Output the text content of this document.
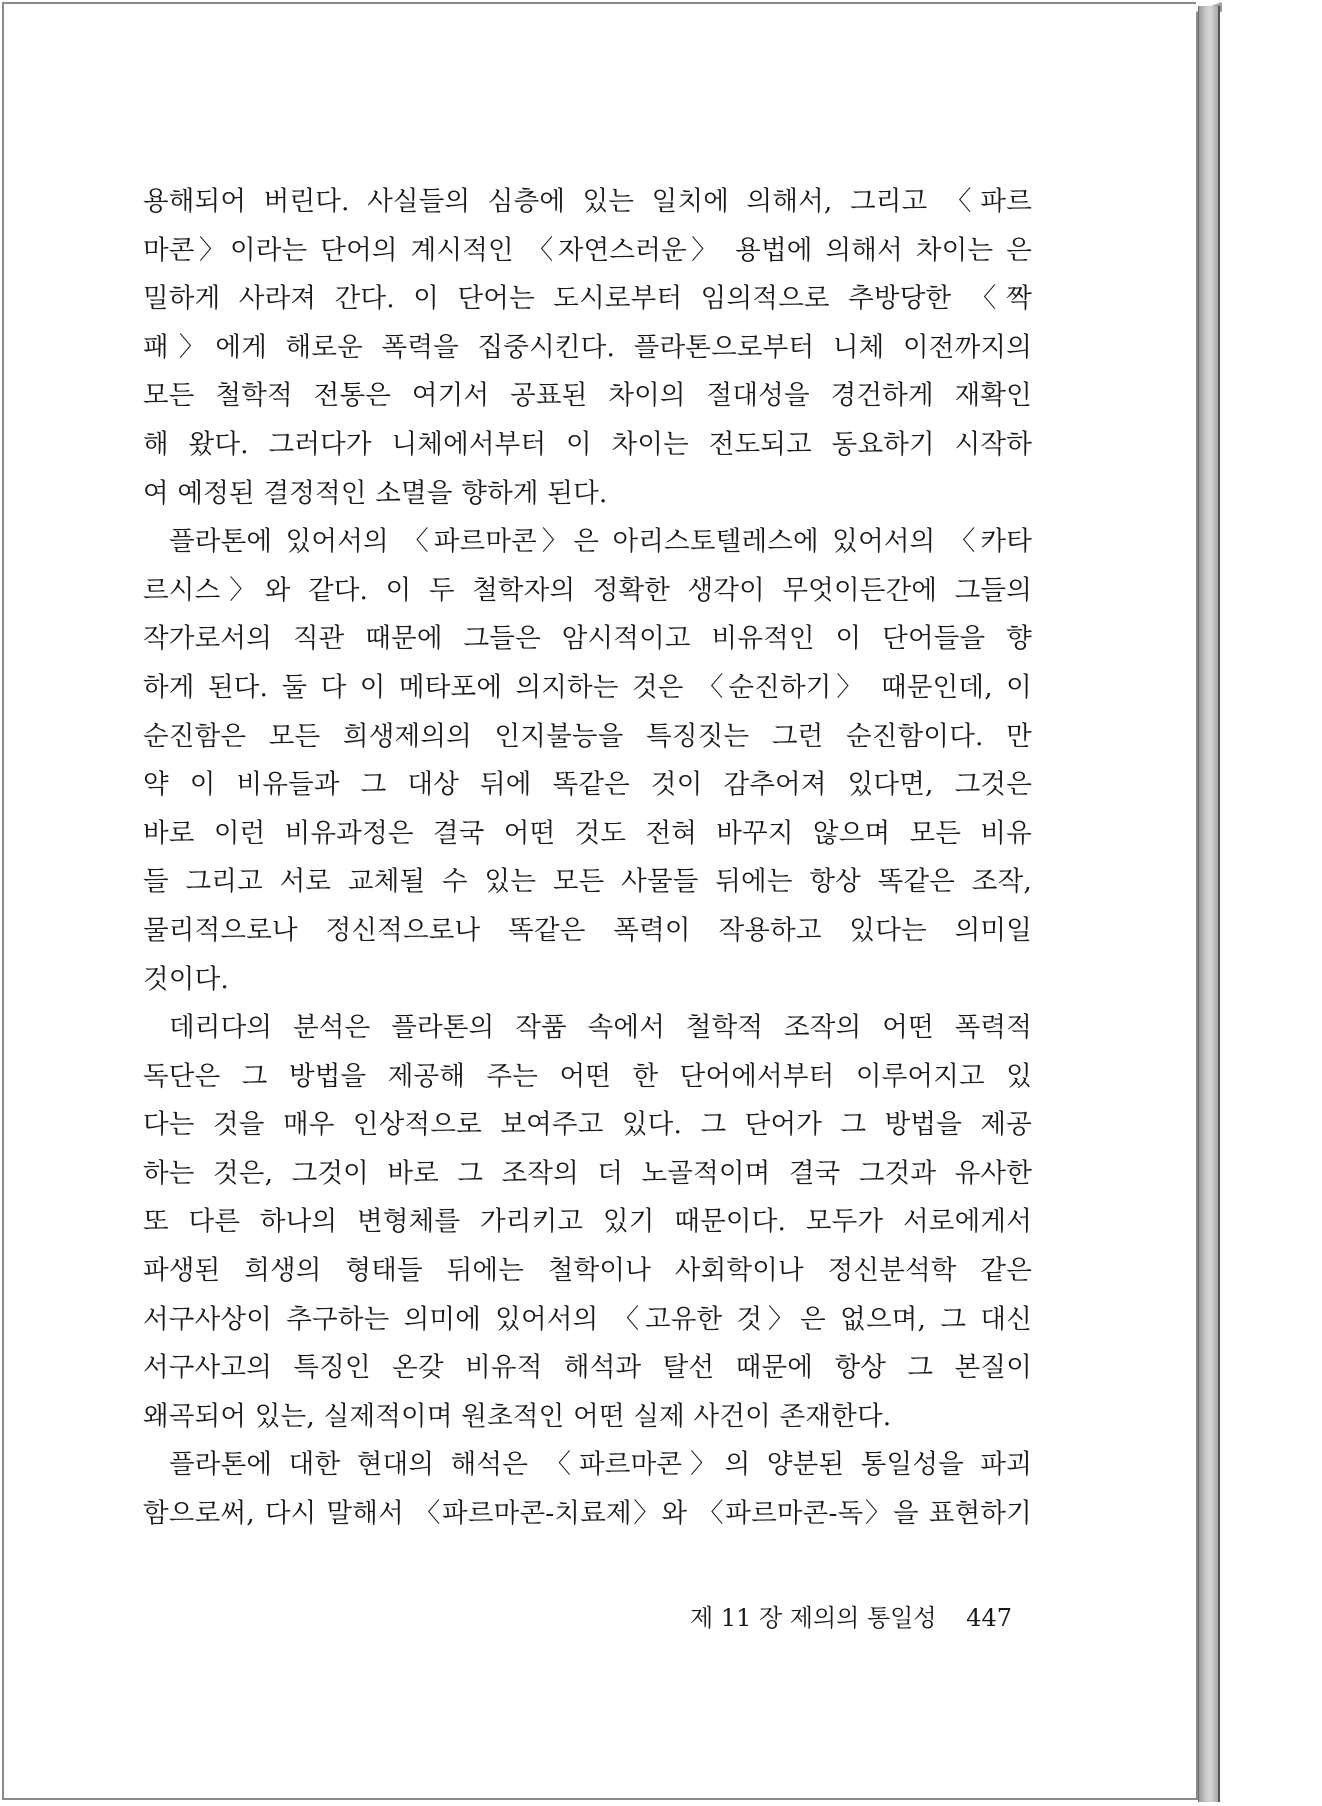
용해되어 버린다. 사실들의 심층에 있는 일치에 의해서, 그리고 〈파르
마콘〉이라는 단어의 계시적인 〈자연스러운〉 용법에 의해서 차이는 은
밀하게 사라져 간다. 이 단어는 도시로부터 임의적으로 추방당한 〈짝
패〉에게 해로운 폭력을 집중시킨다. 플라톤으로부터 니체 이전까지의
모든 철학적 전통은 여기서 공표된 차이의 절대성을 경건하게 재확인
해 왔다. 그러다가 니체에서부터 이 차이는 전도되고 동요하기 시작하
여 예정된 결정적인 소멸을 향하게 된다.
플라톤에 있어서의 〈파르마콘〉은 아리스토텔레스에 있어서의 〈카타
르시스〉와 같다. 이 두 철학자의 정확한 생각이 무엇이든간에 그들의
작가로서의 직관 때문에 그들은 암시적이고 비유적인 이 단어들을 향
하게 된다. 둘 다 이 메타포에 의지하는 것은 〈순진하기〉 때문인데, 이
순진함은 모든 희생제의의 인지불능을 특징짓는 그런 순진함이다. 만
약 이 비유들과 그 대상 뒤에 똑같은 것이 감추어져 있다면, 그것은
바로 이런 비유과정은 결국 어떤 것도 전혀 바꾸지 않으며 모든 비유
들 그리고 서로 교체될 수 있는 모든 사물들 뒤에는 항상 똑같은 조작,
물리적으로나 정신적으로나 똑같은 폭력이 작용하고 있다는 의미일
것이다.
데리다의 분석은 플라톤의 작품 속에서 철학적 조작의 어떤 폭력적
독단은 그 방법을 제공해 주는 어떤 한 단어에서부터 이루어지고 있
다는 것을 매우 인상적으로 보여주고 있다. 그 단어가 그 방법을 제공
하는 것은, 그것이 바로 그 조작의 더 노골적이며 결국 그것과 유사한
또 다른 하나의 변형체를 가리키고 있기 때문이다. 모두가 서로에게서
파생된 희생의 형태들 뒤에는 철학이나 사회학이나 정신분석학 같은
서구사상이 추구하는 의미에 있어서의 〈고유한 것〉은 없으며, 그 대신
서구사고의 특징인 온갖 비유적 해석과 탈선 때문에 항상 그 본질이
왜곡되어 있는, 실제적이며 원초적인 어떤 실제 사건이 존재한다.
플라톤에 대한 현대의 해석은 〈파르마콘〉의 양분된 통일성을 파괴
함으로써, 다시 말해서 〈파르마콘-치료제〉와 〈파르마콘-독〉을 표현하기
제 11 장 제의의 통일성 447
